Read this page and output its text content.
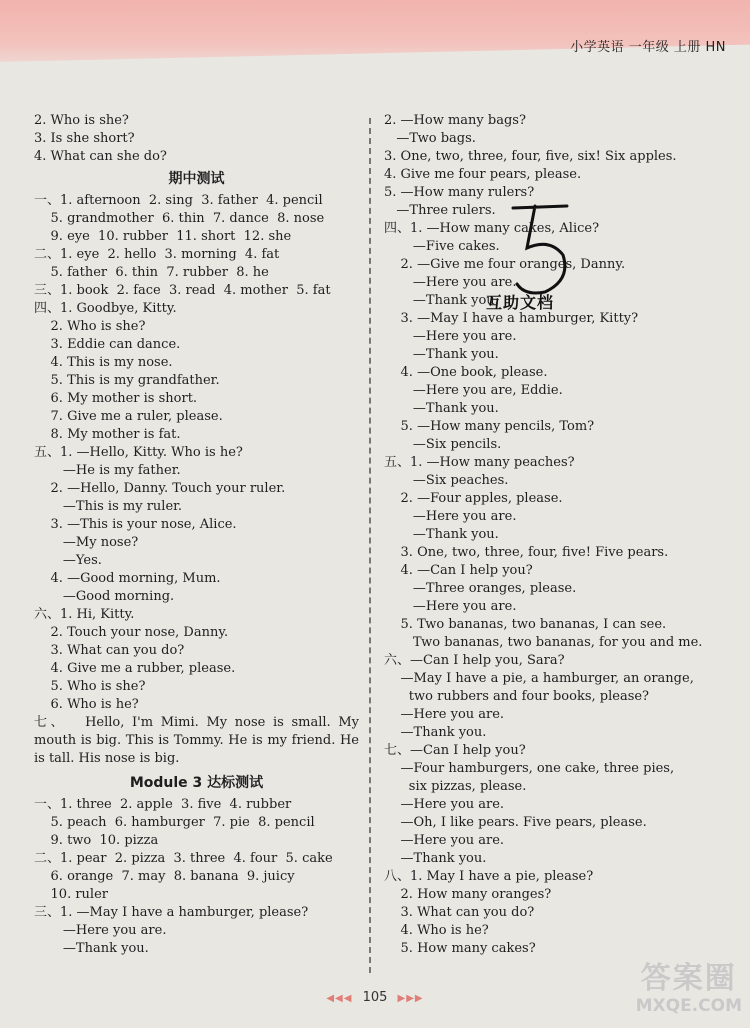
小学英语 一年级 上册 HN
2. Who is she?
3. Is she short?
4. What can she do?
期中测试
一、1. afternoon  2. sing  3. father  4. pencil
5. grandmother  6. thin  7. dance  8. nose
9. eye  10. rubber  11. short  12. she
二、1. eye  2. hello  3. morning  4. fat
5. father  6. thin  7. rubber  8. he
三、1. book  2. face  3. read  4. mother  5. fat
四、1. Goodbye, Kitty.
2. Who is she?
3. Eddie can dance.
4. This is my nose.
5. This is my grandfather.
6. My mother is short.
7. Give me a ruler, please.
8. My mother is fat.
五、1. —Hello, Kitty. Who is he?
—He is my father.
2. —Hello, Danny. Touch your ruler.
—This is my ruler.
3. —This is your nose, Alice.
—My nose?
—Yes.
4. —Good morning, Mum.
—Good morning.
六、1. Hi, Kitty.
2. Touch your nose, Danny.
3. What can you do?
4. Give me a rubber, please.
5. Who is she?
6. Who is he?
七、 Hello, I'm Mimi. My nose is small. My mouth is big. This is Tommy. He is my friend. He is tall. His nose is big.
Module 3 达标测试
一、1. three  2. apple  3. five  4. rubber
5. peach  6. hamburger  7. pie  8. pencil
9. two  10. pizza
二、1. pear  2. pizza  3. three  4. four  5. cake
6. orange  7. may  8. banana  9. juicy
10. ruler
三、1. —May I have a hamburger, please?
—Here you are.
—Thank you.
2. —How many bags?
—Two bags.
3. One, two, three, four, five, six! Six apples.
4. Give me four pears, please.
5. —How many rulers?
—Three rulers.
四、1. —How many cakes, Alice?
—Five cakes.
2. —Give me four oranges, Danny.
—Here you are.
—Thank you.
3. —May I have a hamburger, Kitty?
—Here you are.
—Thank you.
4. —One book, please.
—Here you are, Eddie.
—Thank you.
5. —How many pencils, Tom?
—Six pencils.
五、1. —How many peaches?
—Six peaches.
2. —Four apples, please.
—Here you are.
—Thank you.
3. One, two, three, four, five! Five pears.
4. —Can I help you?
—Three oranges, please.
—Here you are.
5. Two bananas, two bananas, I can see.
Two bananas, two bananas, for you and me.
六、—Can I help you, Sara?
—May I have a pie, a hamburger, an orange,
two rubbers and four books, please?
—Here you are.
—Thank you.
七、—Can I help you?
—Four hamburgers, one cake, three pies,
six pizzas, please.
—Here you are.
—Oh, I like pears. Five pears, please.
—Here you are.
—Thank you.
八、1. May I have a pie, please?
2. How many oranges?
3. What can you do?
4. Who is he?
5. How many cakes?
互助文档
◀◀◀ 105 ▶▶▶
答案圈
MXQE.COM
